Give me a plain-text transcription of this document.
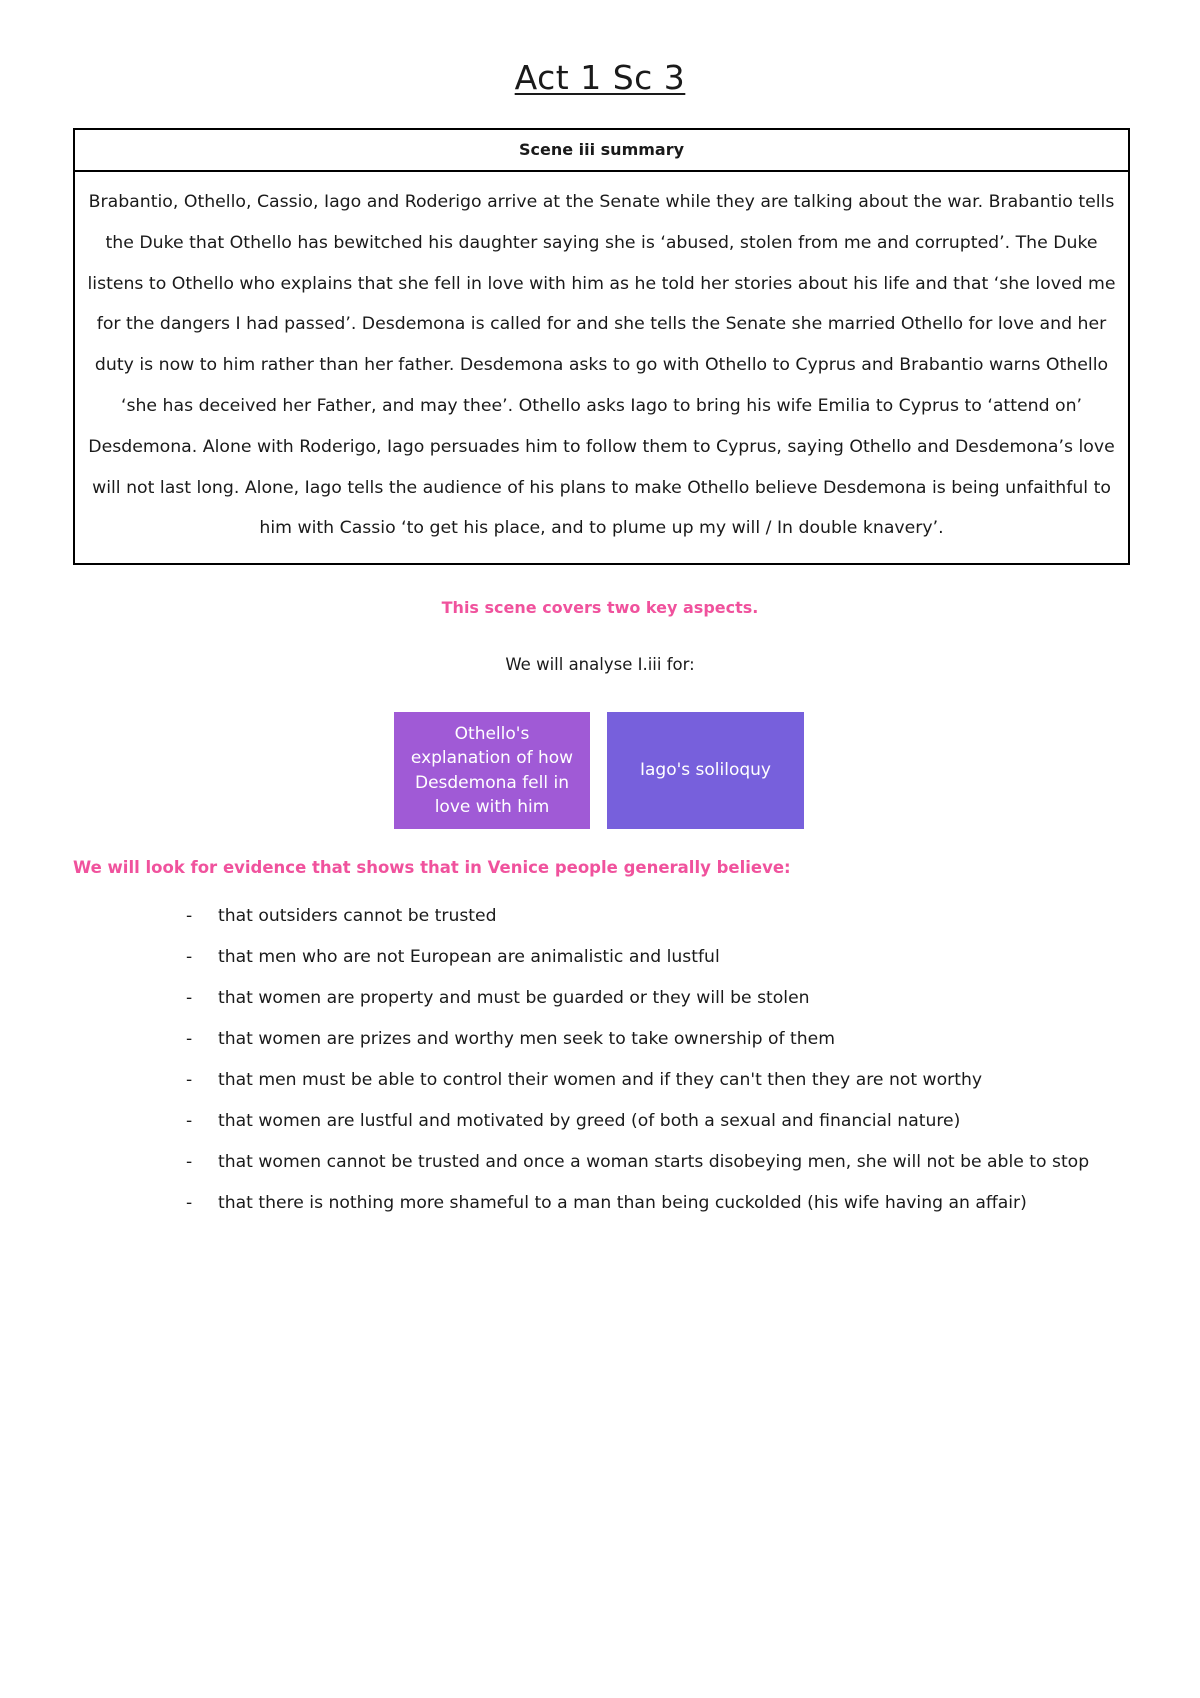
Act 1 Sc 3
Scene iii summary
Brabantio, Othello, Cassio, Iago and Roderigo arrive at the Senate while they are talking about the war. Brabantio tells the Duke that Othello has bewitched his daughter saying she is ‘abused, stolen from me and corrupted’. The Duke listens to Othello who explains that she fell in love with him as he told her stories about his life and that ‘she loved me for the dangers I had passed’. Desdemona is called for and she tells the Senate she married Othello for love and her duty is now to him rather than her father. Desdemona asks to go with Othello to Cyprus and Brabantio warns Othello ‘she has deceived her Father, and may thee’. Othello asks Iago to bring his wife Emilia to Cyprus to ‘attend on’ Desdemona. Alone with Roderigo, Iago persuades him to follow them to Cyprus, saying Othello and Desdemona’s love will not last long. Alone, Iago tells the audience of his plans to make Othello believe Desdemona is being unfaithful to him with Cassio ‘to get his place, and to plume up my will / In double knavery’.
This scene covers two key aspects.
We will analyse I.iii for:
Othello's explanation of how Desdemona fell in love with him
Iago's soliloquy
We will look for evidence that shows that in Venice people generally believe:
- that outsiders cannot be trusted
- that men who are not European are animalistic and lustful
- that women are property and must be guarded or they will be stolen
- that women are prizes and worthy men seek to take ownership of them
- that men must be able to control their women and if they can't then they are not worthy
- that women are lustful and motivated by greed (of both a sexual and financial nature)
- that women cannot be trusted and once a woman starts disobeying men, she will not be able to stop
- that there is nothing more shameful to a man than being cuckolded (his wife having an affair)
